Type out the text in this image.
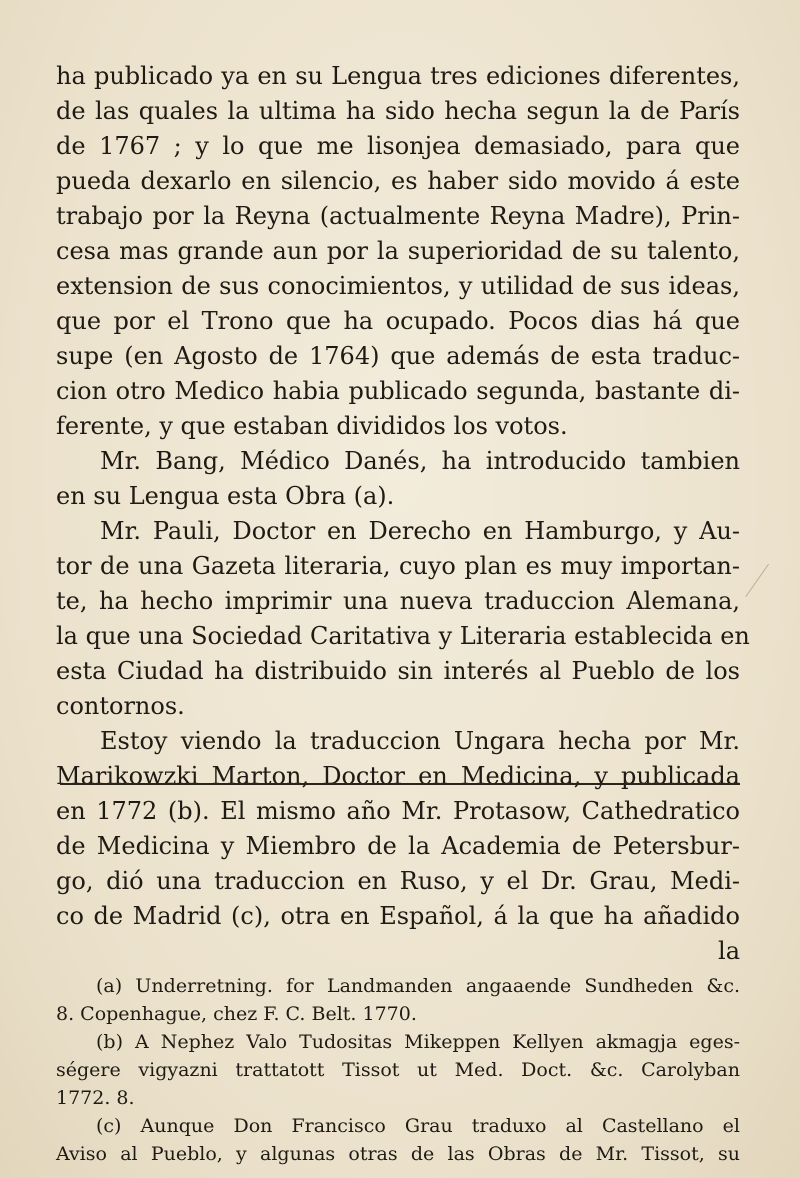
ha publicado ya en su Lengua tres ediciones diferentes,
de las quales la ultima ha sido hecha segun la de París
de 1767 ; y lo que me lisonjea demasiado, para que
pueda dexarlo en silencio, es haber sido movido á este
trabajo por la Reyna (actualmente Reyna Madre), Prin-
cesa mas grande aun por la superioridad de su talento,
extension de sus conocimientos, y utilidad de sus ideas,
que por el Trono que ha ocupado. Pocos dias há que
supe (en Agosto de 1764) que además de esta traduc-
cion otro Medico habia publicado segunda, bastante di-
ferente, y que estaban divididos los votos.
Mr. Bang, Médico Danés, ha introducido tambien
en su Lengua esta Obra (a).
Mr. Pauli, Doctor en Derecho en Hamburgo, y Au-
tor de una Gazeta literaria, cuyo plan es muy importan-
te, ha hecho imprimir una nueva traduccion Alemana,
la que una Sociedad Caritativa y Literaria establecida en
esta Ciudad ha distribuido sin interés al Pueblo de los
contornos.
Estoy viendo la traduccion Ungara hecha por Mr.
Marikowzki Marton, Doctor en Medicina, y publicada
en 1772 (b). El mismo año Mr. Protasow, Cathedratico
de Medicina y Miembro de la Academia de Petersbur-
go, dió una traduccion en Ruso, y el Dr. Grau, Medi-
co de Madrid (c), otra en Español, á la que ha añadido
la
(a) Underretning. for Landmanden angaaende Sundheden &c.
8. Copenhague, chez F. C. Belt. 1770.
(b) A Nephez Valo Tudositas Mikeppen Kellyen akmagja eges-
ségere vigyazni trattatott Tissot ut Med. Doct. &c. Carolyban
1772. 8.
(c) Aunque Don Francisco Grau traduxo al Castellano el
Aviso al Pueblo, y algunas otras de las Obras de Mr. Tissot, su
